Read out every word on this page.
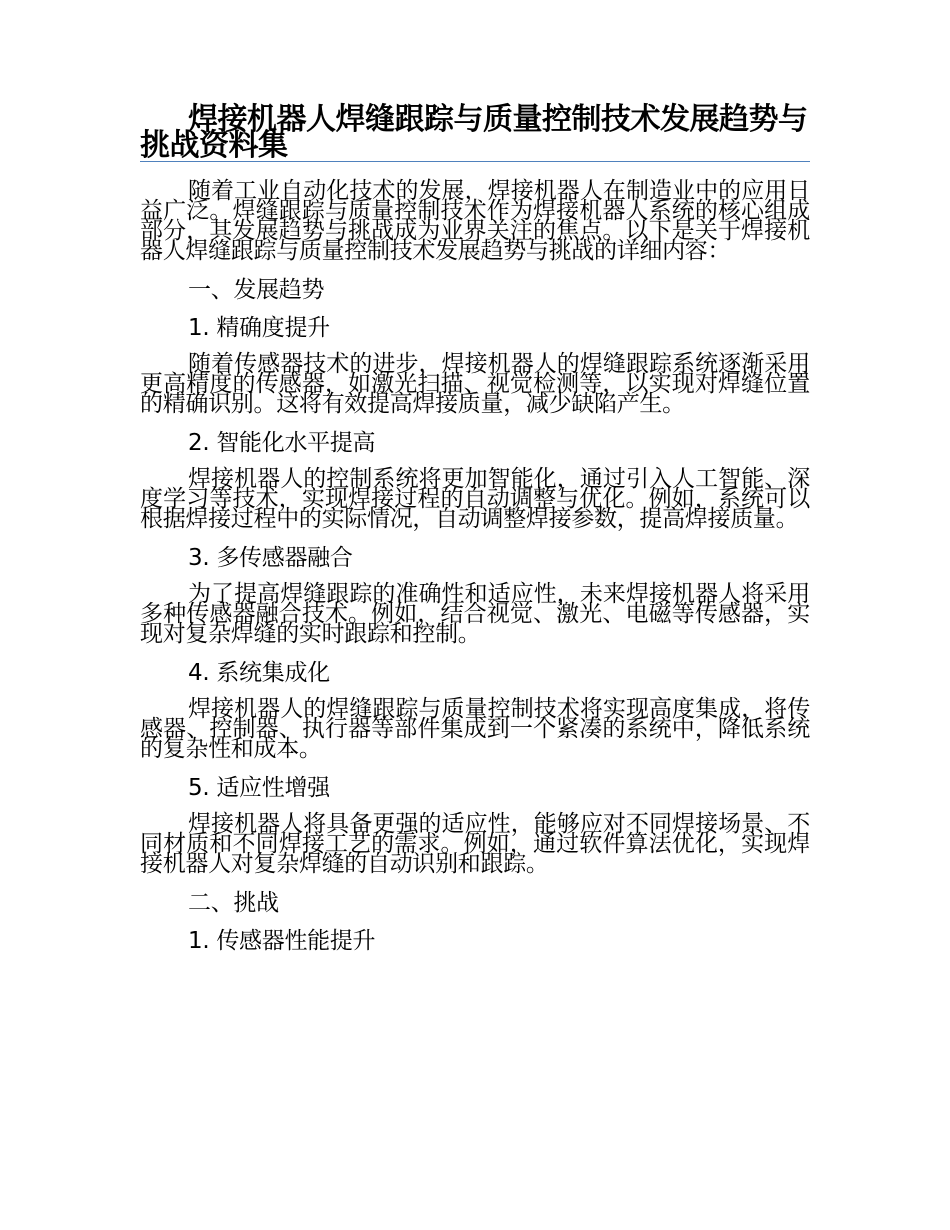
焊接机器人焊缝跟踪与质量控制技术发展趋势与挑战资料集

随着工业自动化技术的发展，焊接机器人在制造业中的应用日益广泛。焊缝跟踪与质量控制技术作为焊接机器人系统的核心组成部分，其发展趋势与挑战成为业界关注的焦点。以下是关于焊接机器人焊缝跟踪与质量控制技术发展趋势与挑战的详细内容：

一、发展趋势
1. 精确度提升

随着传感器技术的进步，焊接机器人的焊缝跟踪系统逐渐采用更高精度的传感器，如激光扫描、视觉检测等，以实现对焊缝位置的精确识别。这将有效提高焊接质量，减少缺陷产生。

2. 智能化水平提高

焊接机器人的控制系统将更加智能化，通过引入人工智能、深度学习等技术，实现焊接过程的自动调整与优化。例如，系统可以根据焊接过程中的实际情况，自动调整焊接参数，提高焊接质量。

3. 多传感器融合

为了提高焊缝跟踪的准确性和适应性，未来焊接机器人将采用多种传感器融合技术。例如，结合视觉、激光、电磁等传感器，实现对复杂焊缝的实时跟踪和控制。

4. 系统集成化

焊接机器人的焊缝跟踪与质量控制技术将实现高度集成，将传感器、控制器、执行器等部件集成到一个紧凑的系统中，降低系统的复杂性和成本。

5. 适应性增强

焊接机器人将具备更强的适应性，能够应对不同焊接场景、不同材质和不同焊接工艺的需求。例如，通过软件算法优化，实现焊接机器人对复杂焊缝的自动识别和跟踪。

二、挑战
1. 传感器性能提升
